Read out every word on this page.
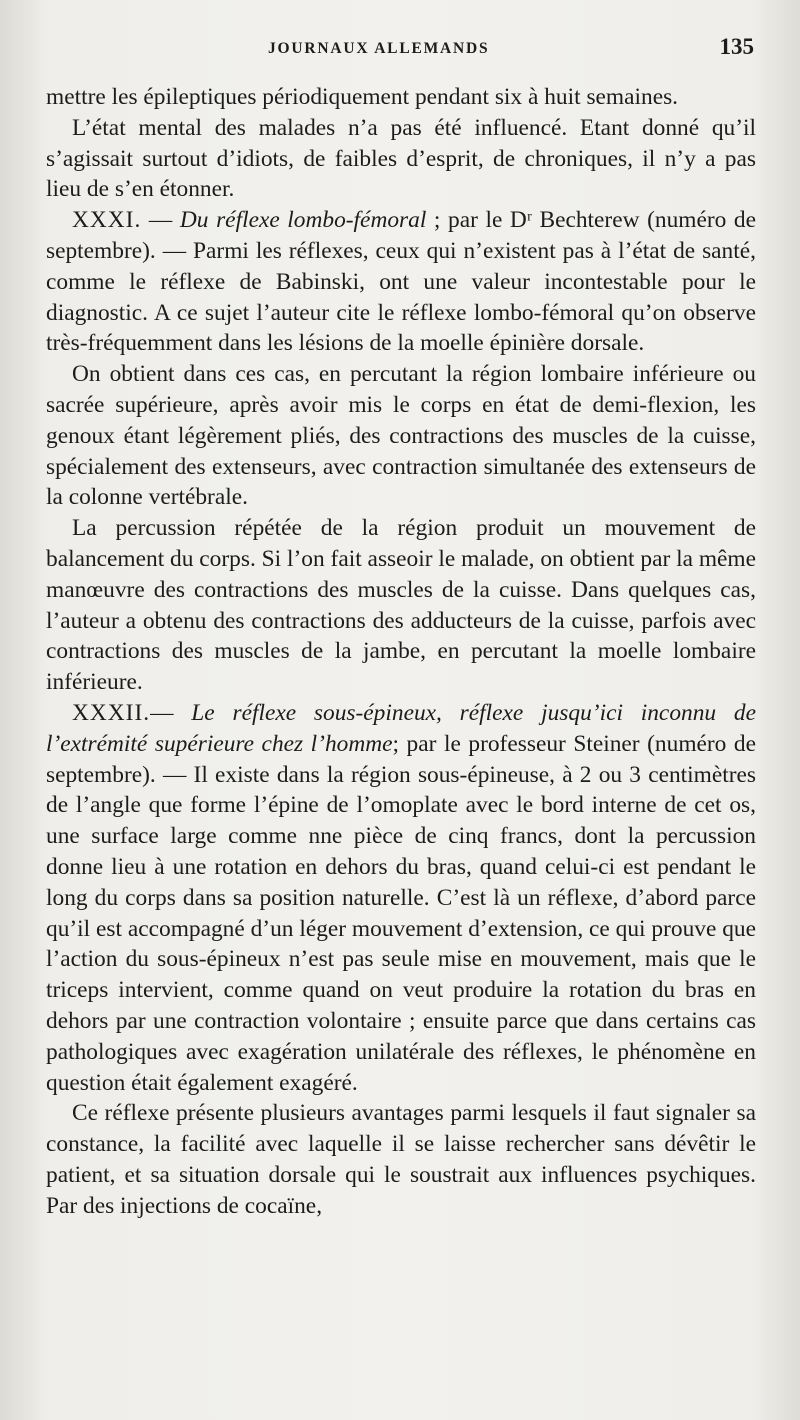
JOURNAUX ALLEMANDS	135

mettre les épileptiques périodiquement pendant six à huit semaines.

L’état mental des malades n’a pas été influencé. Etant donné qu’il s’agissait surtout d’idiots, de faibles d’esprit, de chroniques, il n’y a pas lieu de s’en étonner.

XXXI. — Du réflexe lombo-fémoral ; par le Dʳ Bechterew (numéro de septembre). — Parmi les réflexes, ceux qui n’existent pas à l’état de santé, comme le réflexe de Babinski, ont une valeur incontestable pour le diagnostic. A ce sujet l’auteur cite le réflexe lombo-fémoral qu’on observe très-fréquemment dans les lésions de la moelle épinière dorsale.

On obtient dans ces cas, en percutant la région lombaire inférieure ou sacrée supérieure, après avoir mis le corps en état de demi-flexion, les genoux étant légèrement pliés, des contractions des muscles de la cuisse, spécialement des extenseurs, avec contraction simultanée des extenseurs de la colonne vertébrale.

La percussion répétée de la région produit un mouvement de balancement du corps. Si l’on fait asseoir le malade, on obtient par la même manœuvre des contractions des muscles de la cuisse. Dans quelques cas, l’auteur a obtenu des contractions des adducteurs de la cuisse, parfois avec contractions des muscles de la jambe, en percutant la moelle lombaire inférieure.

XXXII.— Le réflexe sous-épineux, réflexe jusqu’ici inconnu de l’extrémité supérieure chez l’homme; par le professeur Steiner (numéro de septembre). — Il existe dans la région sous-épineuse, à 2 ou 3 centimètres de l’angle que forme l’épine de l’omoplate avec le bord interne de cet os, une surface large comme nne pièce de cinq francs, dont la percussion donne lieu à une rotation en dehors du bras, quand celui-ci est pendant le long du corps dans sa position naturelle. C’est là un réflexe, d’abord parce qu’il est accompagné d’un léger mouvement d’extension, ce qui prouve que l’action du sous-épineux n’est pas seule mise en mouvement, mais que le triceps intervient, comme quand on veut produire la rotation du bras en dehors par une contraction volontaire ; ensuite parce que dans certains cas pathologiques avec exagération unilatérale des réflexes, le phénomène en question était également exagéré.

Ce réflexe présente plusieurs avantages parmi lesquels il faut signaler sa constance, la facilité avec laquelle il se laisse rechercher sans dévêtir le patient, et sa situation dorsale qui le soustrait aux influences psychiques. Par des injections de cocaïne,
